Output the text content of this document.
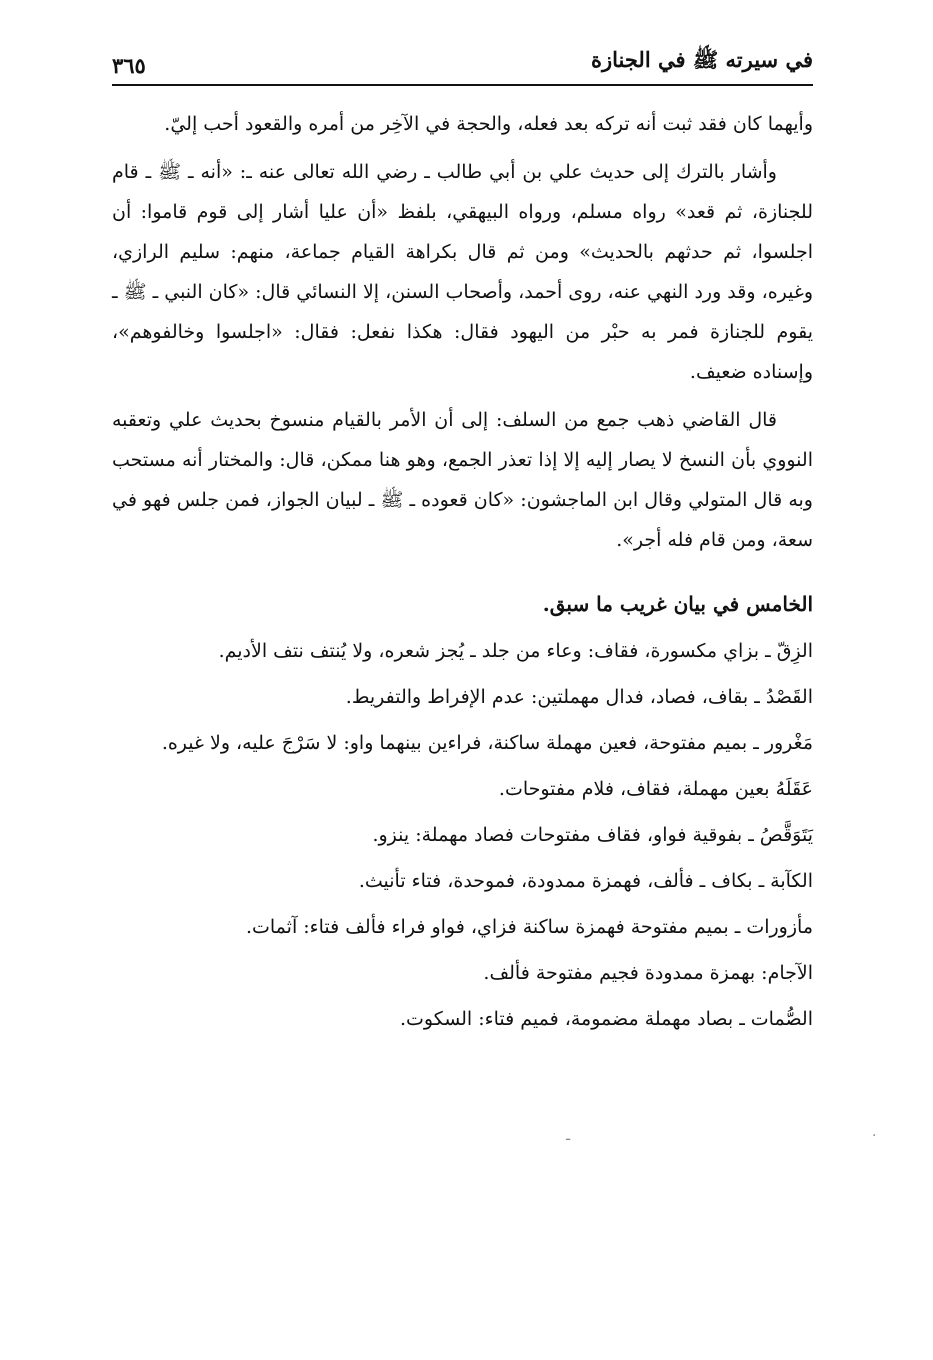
في سيرته ﷺ في الجنازة
٣٦٥

وأيهما كان فقد ثبت أنه تركه بعد فعله، والحجة في الآخِر من أمره والقعود أحب إليّ.

وأشار بالترك إلى حديث علي بن أبي طالب ـ رضي الله تعالى عنه ـ: «أنه ـ ﷺ ـ قام للجنازة، ثم قعد» رواه مسلم، ورواه البيهقي، بلفظ «أن عليا أشار إلى قوم قاموا: أن اجلسوا، ثم حدثهم بالحديث» ومن ثم قال بكراهة القيام جماعة، منهم: سليم الرازي، وغيره، وقد ورد النهي عنه، روى أحمد، وأصحاب السنن، إلا النسائي قال: «كان النبي ـ ﷺ ـ يقوم للجنازة فمر به حبْر من اليهود فقال: هكذا نفعل: فقال: «اجلسوا وخالفوهم»، وإسناده ضعيف.

قال القاضي ذهب جمع من السلف: إلى أن الأمر بالقيام منسوخ بحديث علي وتعقبه النووي بأن النسخ لا يصار إليه إلا إذا تعذر الجمع، وهو هنا ممكن، قال: والمختار أنه مستحب وبه قال المتولي وقال ابن الماجشون: «كان قعوده ـ ﷺ ـ لبيان الجواز، فمن جلس فهو في سعة، ومن قام فله أجر».

الخامس في بيان غريب ما سبق.
الزِقّ ـ بزاي مكسورة، فقاف: وعاء من جلد ـ يُجز شعره، ولا يُنتف نتف الأديم.
القَصْدُ ـ بقاف، فصاد، فدال مهملتين: عدم الإفراط والتفريط.
مَغْرور ـ بميم مفتوحة، فعين مهملة ساكنة، فراءين بينهما واو: لا سَرْجَ عليه، ولا غيره.
عَقَلَهُ بعين مهملة، فقاف، فلام مفتوحات.
يَتَوَقَّصُ ـ بفوقية فواو، فقاف مفتوحات فصاد مهملة: ينزو.
الكآبة ـ بكاف ـ فألف، فهمزة ممدودة، فموحدة، فتاء تأنيث.
مأزورات ـ بميم مفتوحة فهمزة ساكنة فزاي، فواو فراء فألف فتاء: آثمات.
الآجام: بهمزة ممدودة فجيم مفتوحة فألف.
الصُّمات ـ بصاد مهملة مضمومة، فميم فتاء: السكوت.
ـ	·
